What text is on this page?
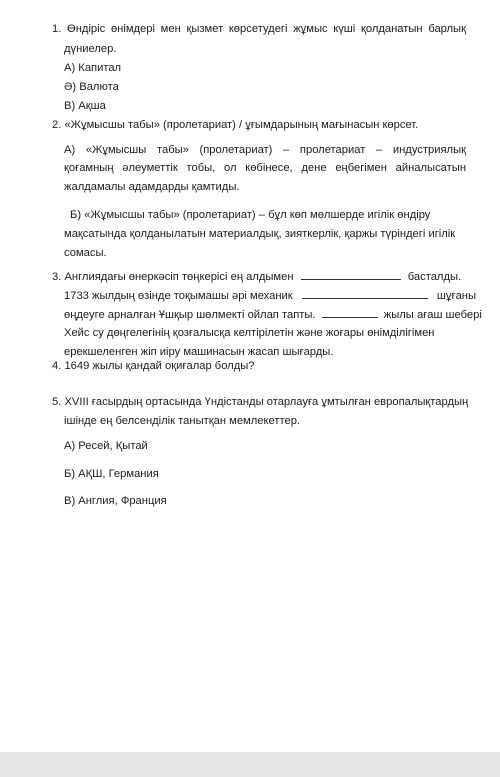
1. Өндіріс өнімдері мен қызмет көрсетудегі жұмыс күші қолданатын барлық
дүниелер.
А) Капитал
Ә) Валюта
В) Ақша
2. «Жұмысшы табы» (пролетариат) / ұғымдарының мағынасын көрсет.
А) «Жұмысшы табы» (пролетариат) – пролетариат – индустриялық
қоғамның әлеуметтік тобы, ол көбінесе, дене еңбегімен айналысатын
жалдамалы адамдарды қамтиды.
Б) «Жұмысшы табы» (пролетариат) – бұл көп мөлшерде игілік өндіру
мақсатында қолданылатын материалдық, зияткерлік, қаржы түріндегі игілік
сомасы.
3. Англиядағы өнеркәсіп төңкерісі ең алдымен	басталды.
1733 жылдың өзінде тоқымашы әрі механик	шұғаны
өңдеуге арналған Ұшқыр шөлмекті ойлап тапты.	жылы ағаш шебері
Хейс су дөңгелегінің қозғалысқа келтірілетін және жоғары өнімділігімен
ерекшеленген жіп иіру машинасын жасап шығарды.
4. 1649 жылы қандай оқиғалар болды?
5. XVIII ғасырдың ортасында Үндістанды отарлауға ұмтылған европалықтардың
ішінде ең белсенділік танытқан мемлекеттер.
А) Ресей, Қытай
Б) АҚШ, Германия
В) Англия, Франция
